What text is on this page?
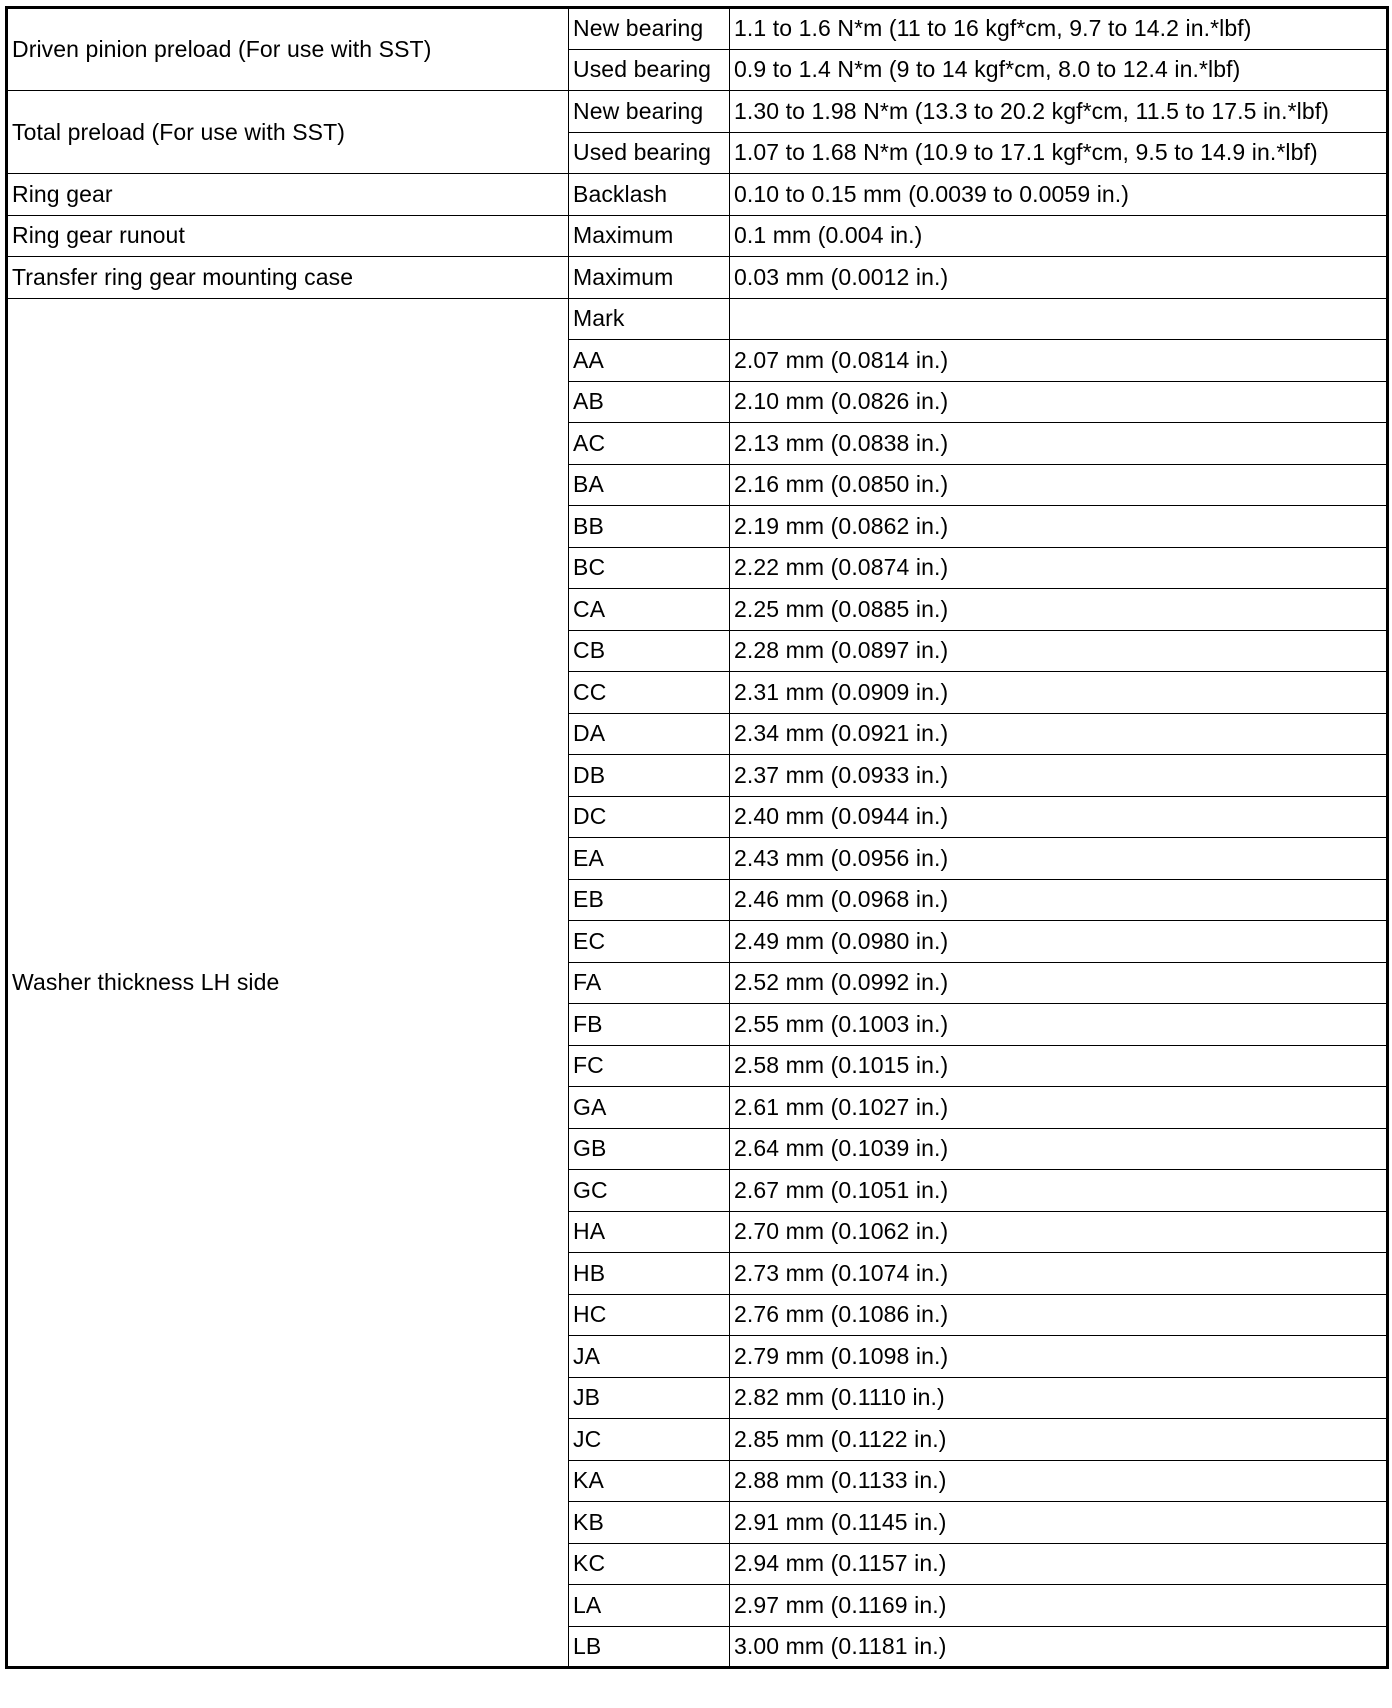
Driven pinion preload (For use with SST)	New bearing	1.1 to 1.6 N*m (11 to 16 kgf*cm, 9.7 to 14.2 in.*lbf)
	Used bearing	0.9 to 1.4 N*m (9 to 14 kgf*cm, 8.0 to 12.4 in.*lbf)
Total preload (For use with SST)	New bearing	1.30 to 1.98 N*m (13.3 to 20.2 kgf*cm, 11.5 to 17.5 in.*lbf)
	Used bearing	1.07 to 1.68 N*m (10.9 to 17.1 kgf*cm, 9.5 to 14.9 in.*lbf)
Ring gear	Backlash	0.10 to 0.15 mm (0.0039 to 0.0059 in.)
Ring gear runout	Maximum	0.1 mm (0.004 in.)
Transfer ring gear mounting case	Maximum	0.03 mm (0.0012 in.)
Washer thickness LH side	Mark	
	AA	2.07 mm (0.0814 in.)
	AB	2.10 mm (0.0826 in.)
	AC	2.13 mm (0.0838 in.)
	BA	2.16 mm (0.0850 in.)
	BB	2.19 mm (0.0862 in.)
	BC	2.22 mm (0.0874 in.)
	CA	2.25 mm (0.0885 in.)
	CB	2.28 mm (0.0897 in.)
	CC	2.31 mm (0.0909 in.)
	DA	2.34 mm (0.0921 in.)
	DB	2.37 mm (0.0933 in.)
	DC	2.40 mm (0.0944 in.)
	EA	2.43 mm (0.0956 in.)
	EB	2.46 mm (0.0968 in.)
	EC	2.49 mm (0.0980 in.)
	FA	2.52 mm (0.0992 in.)
	FB	2.55 mm (0.1003 in.)
	FC	2.58 mm (0.1015 in.)
	GA	2.61 mm (0.1027 in.)
	GB	2.64 mm (0.1039 in.)
	GC	2.67 mm (0.1051 in.)
	HA	2.70 mm (0.1062 in.)
	HB	2.73 mm (0.1074 in.)
	HC	2.76 mm (0.1086 in.)
	JA	2.79 mm (0.1098 in.)
	JB	2.82 mm (0.1110 in.)
	JC	2.85 mm (0.1122 in.)
	KA	2.88 mm (0.1133 in.)
	KB	2.91 mm (0.1145 in.)
	KC	2.94 mm (0.1157 in.)
	LA	2.97 mm (0.1169 in.)
	LB	3.00 mm (0.1181 in.)
